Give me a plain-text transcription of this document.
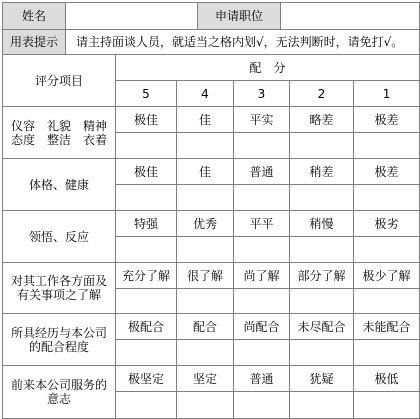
姓名		申请职位	
用表提示	请主持面谈人员，就适当之格内划√，无法判断时，请免打√。
评分项目	配　分				
	5	4	3	2	1
仪容　礼貌　精神
态度　整洁　衣着	极佳	佳	平实	略差	极差

体格、健康	极佳	佳	普通	稍差	极差

领悟、反应	特强	优秀	平平	稍慢	极劣

对其工作各方面及
有关事项之了解	充分了解	很了解	尚了解	部分了解	极少了解

所具经历与本公司
的配合程度	极配合	配合	尚配合	未尽配合	未能配合

前来本公司服务的
意志	极坚定	坚定	普通	犹疑	极低
